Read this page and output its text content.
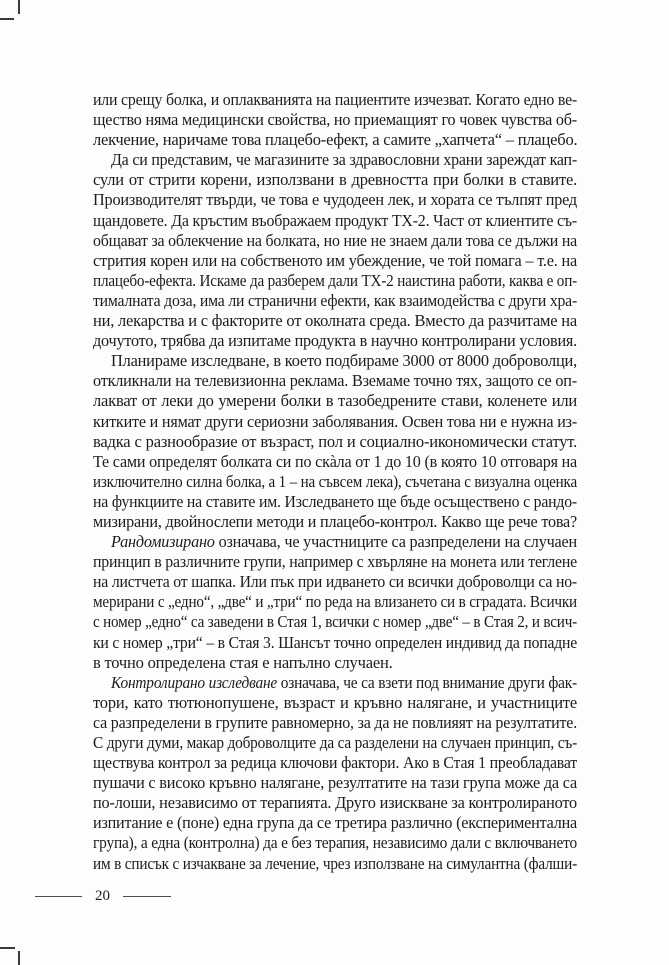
или срещу болка, и оплакванията на пациентите изчезват. Когато едно ве-
щество няма медицински свойства, но приемащият го човек чувства об-
лекчение, наричаме това плацебо-ефект, а самите „хапчета“ – плацебо.
Да си представим, че магазините за здравословни храни зареждат кап-
сули от стрити корени, използвани в древността при болки в ставите.
Производителят твърди, че това е чудодеен лек, и хората се тълпят пред
щандовете. Да кръстим въображаем продукт ТХ-2. Част от клиентите съ-
общават за облекчение на болката, но ние не знаем дали това се дължи на
стрития корен или на собственото им убеждение, че той помага – т.е. на
плацебо-ефекта. Искаме да разберем дали ТХ-2 наистина работи, каква е оп-
тималната доза, има ли странични ефекти, как взаимодейства с други хра-
ни, лекарства и с факторите от околната среда. Вместо да разчитаме на
дочутото, трябва да изпитаме продукта в научно контролирани условия.
Планираме изследване, в което подбираме 3000 от 8000 доброволци,
откликнали на телевизионна реклама. Вземаме точно тях, защото се оп-
лакват от леки до умерени болки в тазобедрените стави, коленете или
китките и нямат други сериозни заболявания. Освен това ни е нужна из-
вадка с разнообразие от възраст, пол и социално-икономически статут.
Те сами определят болката си по скàла от 1 до 10 (в която 10 отговаря на
изключително силна болка, а 1 – на съвсем лека), съчетана с визуална оценка
на функциите на ставите им. Изследването ще бъде осъществено с рандо-
мизирани, двойнослепи методи и плацебо-контрол. Какво ще рече това?
Рандомизирано означава, че участниците са разпределени на случаен
принцип в различните групи, например с хвърляне на монета или теглене
на листчета от шапка. Или пък при идването си всички доброволци са но-
мерирани с „едно“, „две“ и „три“ по реда на влизането си в сградата. Всички
с номер „едно“ са заведени в Стая 1, всички с номер „две“ – в Стая 2, и всич-
ки с номер „три“ – в Стая 3. Шансът точно определен индивид да попадне
в точно определена стая е напълно случаен.
Контролирано изследване означава, че са взети под внимание други фак-
тори, като тютюнопушене, възраст и кръвно налягане, и участниците
са разпределени в групите равномерно, за да не повлияят на резултатите.
С други думи, макар доброволците да са разделени на случаен принцип, съ-
ществува контрол за редица ключови фактори. Ако в Стая 1 преобладават
пушачи с високо кръвно налягане, резултатите на тази група може да са
по-лоши, независимо от терапията. Друго изискване за контролираното
изпитание е (поне) една група да се третира различно (експериментална
група), а една (контролна) да е без терапия, независимо дали с включването
им в списък с изчакване за лечение, чрез използване на симулантна (фалши-
20
